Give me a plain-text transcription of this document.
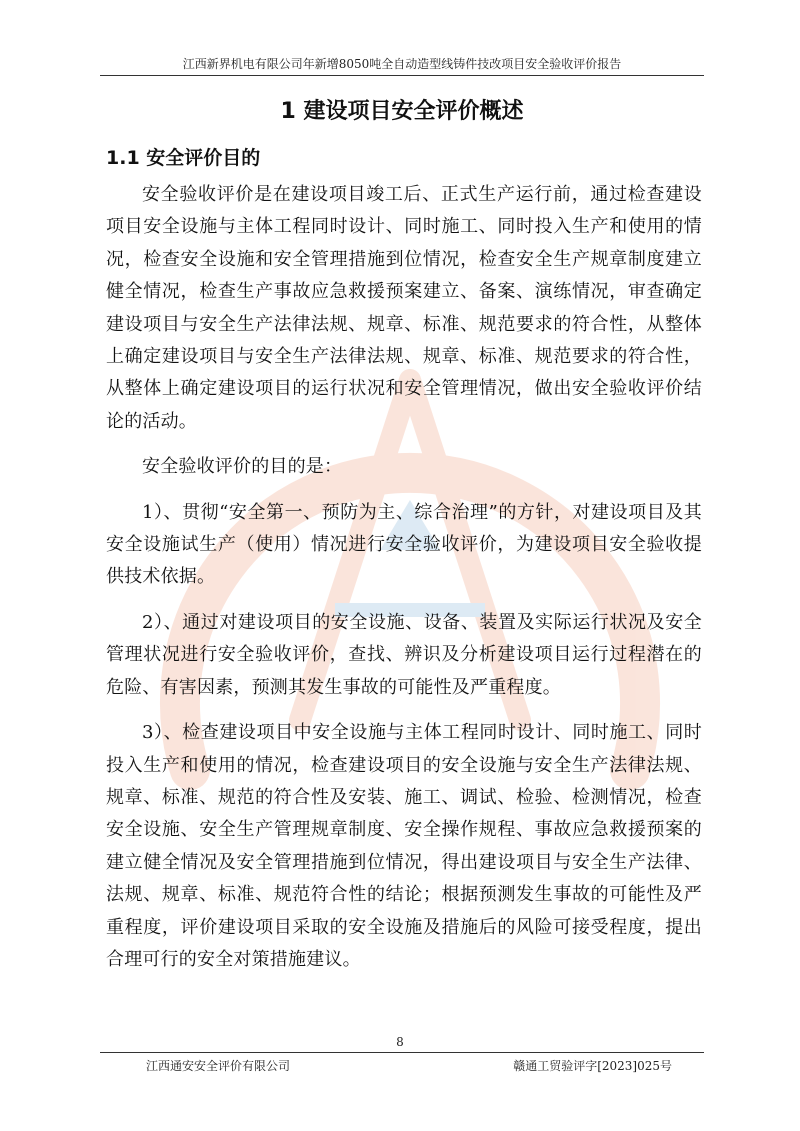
江西新界机电有限公司年新增8050吨全自动造型线铸件技改项目安全验收评价报告
1 建设项目安全评价概述
1.1 安全评价目的

安全验收评价是在建设项目竣工后、正式生产运行前，通过检查建设项目安全设施与主体工程同时设计、同时施工、同时投入生产和使用的情况，检查安全设施和安全管理措施到位情况，检查安全生产规章制度建立健全情况，检查生产事故应急救援预案建立、备案、演练情况，审查确定建设项目与安全生产法律法规、规章、标准、规范要求的符合性，从整体上确定建设项目与安全生产法律法规、规章、标准、规范要求的符合性，从整体上确定建设项目的运行状况和安全管理情况，做出安全验收评价结论的活动。

安全验收评价的目的是：

1）、贯彻“安全第一、预防为主、综合治理”的方针，对建设项目及其安全设施试生产（使用）情况进行安全验收评价，为建设项目安全验收提供技术依据。

2）、通过对建设项目的安全设施、设备、装置及实际运行状况及安全管理状况进行安全验收评价，查找、辨识及分析建设项目运行过程潜在的危险、有害因素，预测其发生事故的可能性及严重程度。

3）、检查建设项目中安全设施与主体工程同时设计、同时施工、同时投入生产和使用的情况，检查建设项目的安全设施与安全生产法律法规、规章、标准、规范的符合性及安装、施工、调试、检验、检测情况，检查安全设施、安全生产管理规章制度、安全操作规程、事故应急救援预案的建立健全情况及安全管理措施到位情况，得出建设项目与安全生产法律、法规、规章、标准、规范符合性的结论；根据预测发生事故的可能性及严重程度，评价建设项目采取的安全设施及措施后的风险可接受程度，提出合理可行的安全对策措施建议。

8
江西通安安全评价有限公司	赣通工贸验评字[2023]025号
